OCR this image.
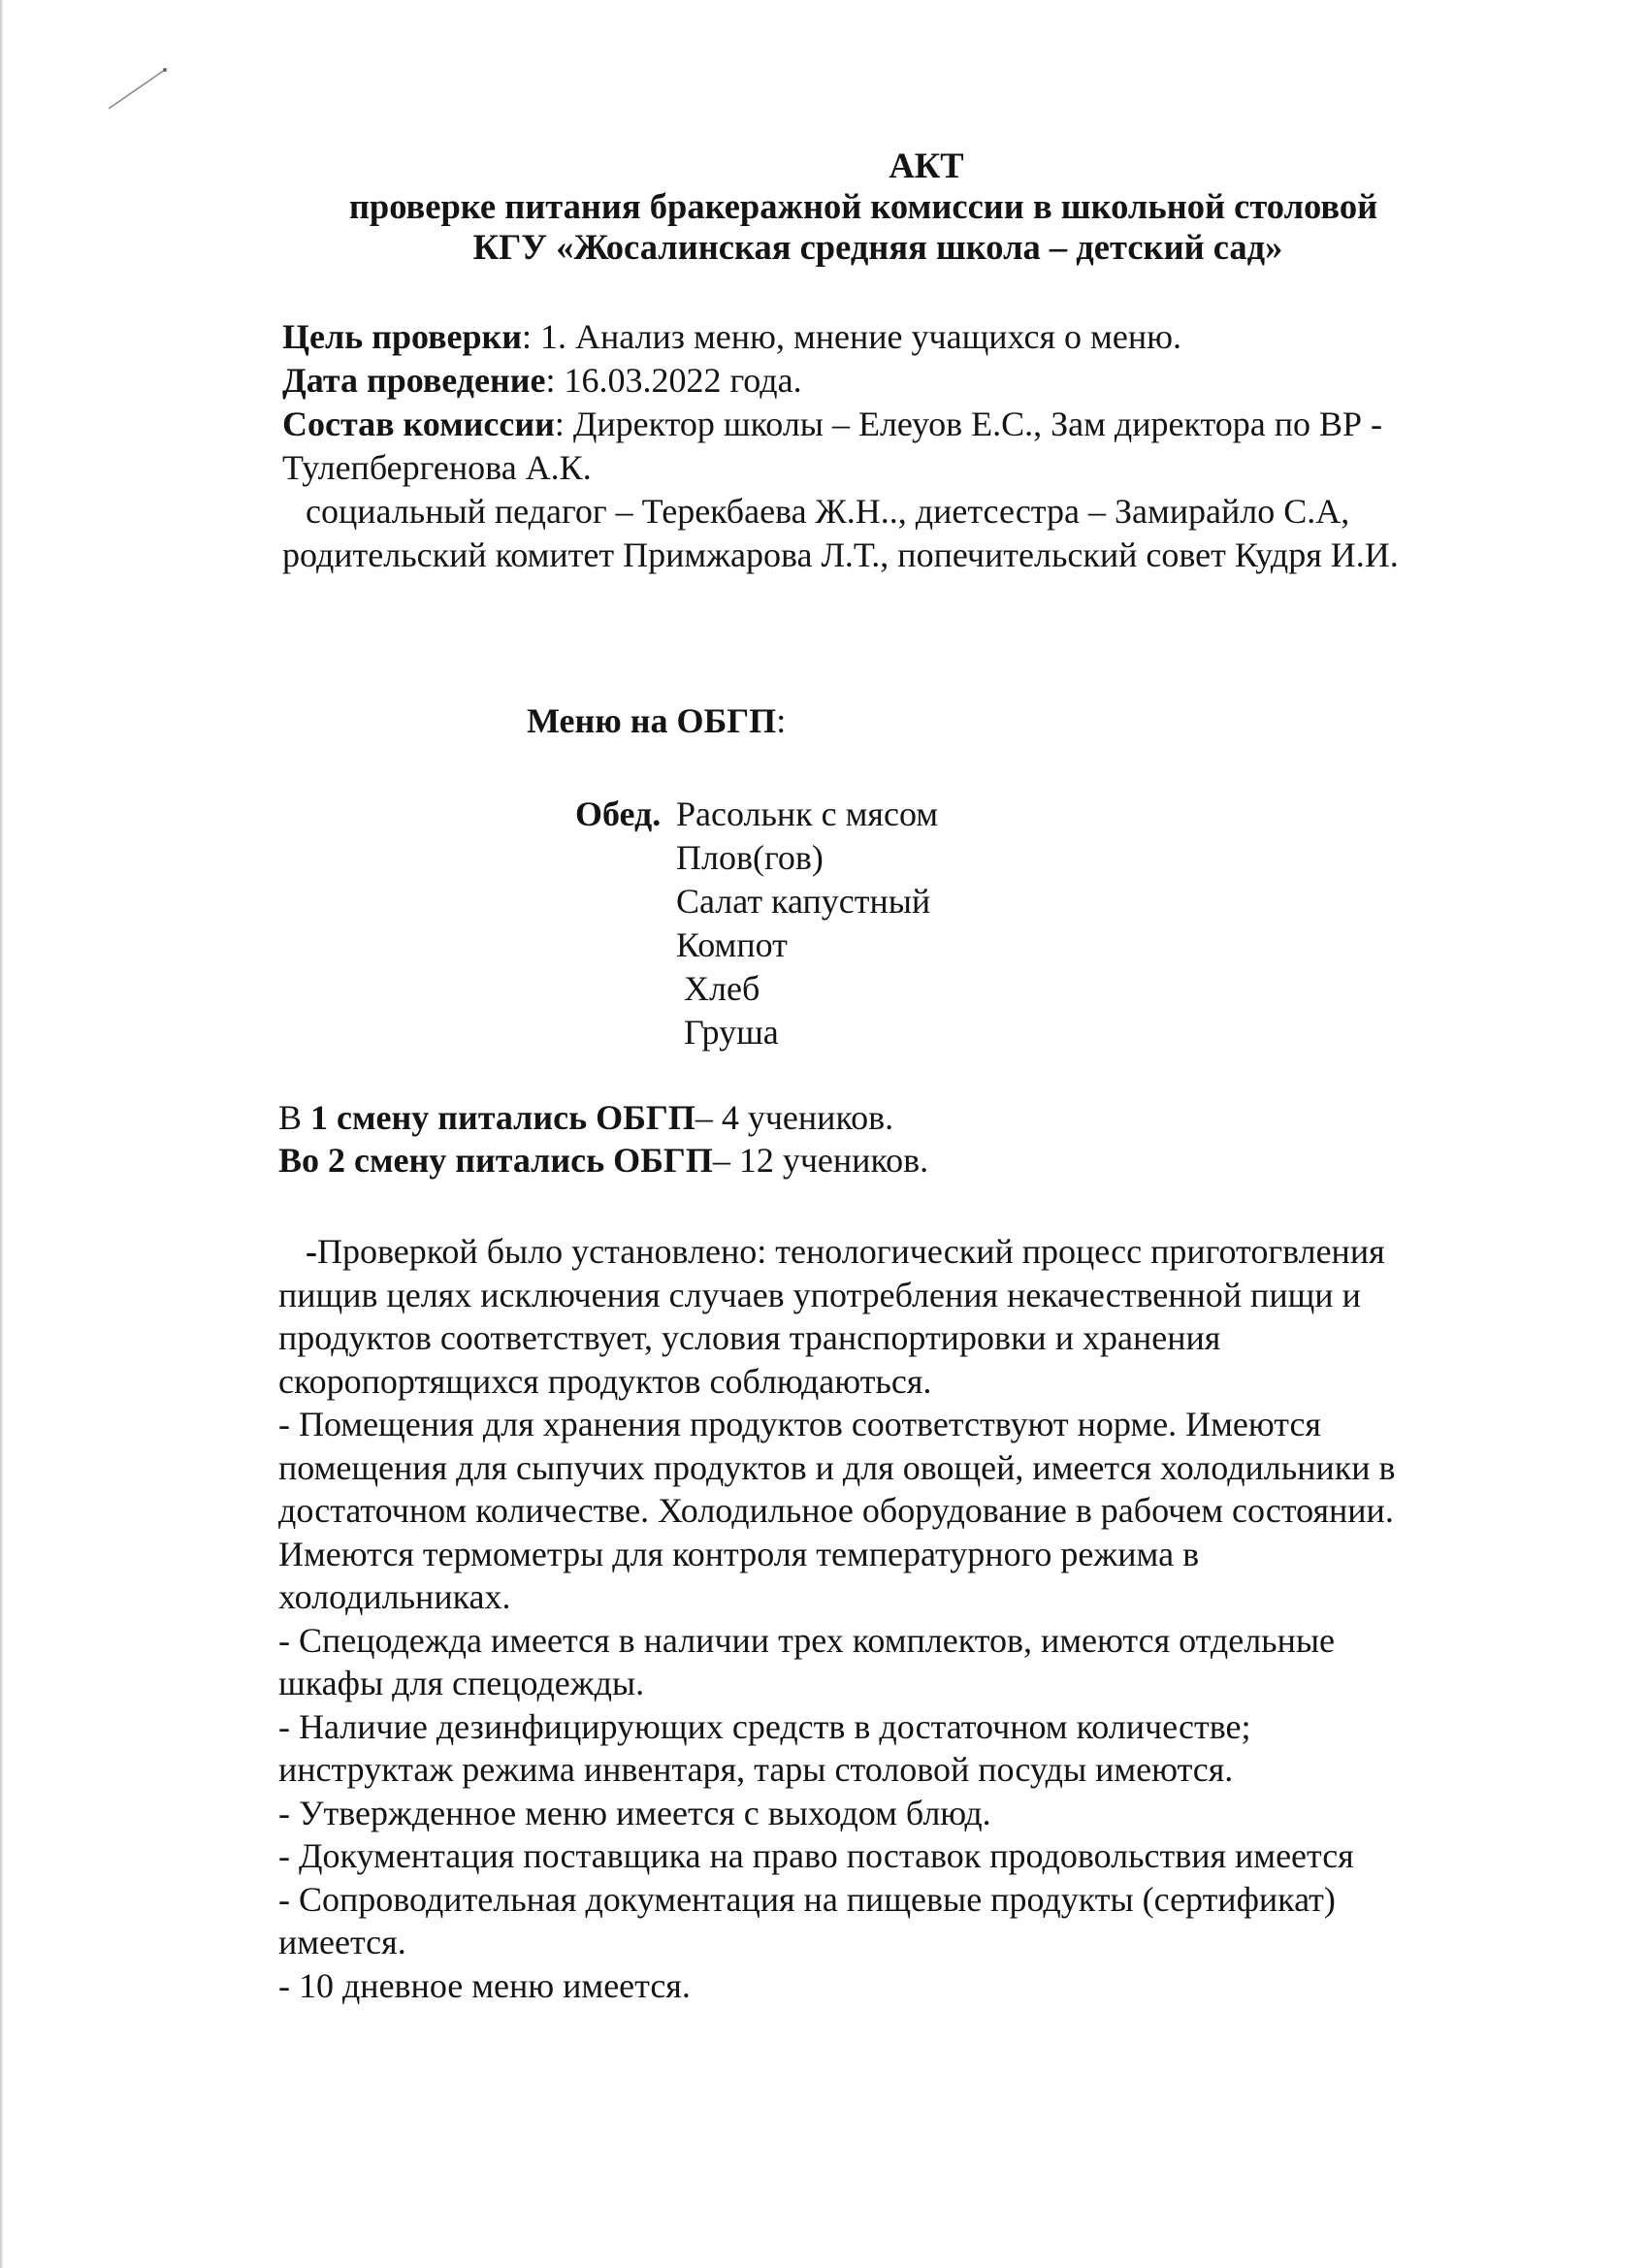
АКТ
проверке питания бракеражной комиссии в школьной столовой
КГУ «Жосалинская средняя школа – детский сад»
Цель проверки: 1. Анализ меню, мнение учащихся о меню.
Дата проведение: 16.03.2022 года.
Состав комиссии: Директор школы – Елеуов Е.С., Зам директора по ВР -
Тулепбергенова А.К.
социальный педагог – Терекбаева Ж.Н.., диетсестра – Замирайло С.А,
родительский комитет Примжарова Л.Т., попечительский совет Кудря И.И.
Меню на ОБГП:
Обед. Расольнк с мясом
Плов(гов)
Салат капустный
Компот
Хлеб
Груша
В 1 смену питались ОБГП– 4 учеников.
Во 2 смену питались ОБГП– 12 учеников.
-Проверкой было установлено: тенологический процесс приготогвления
пищив целях исключения случаев употребления некачественной пищи и
продуктов соответствует, условия транспортировки и хранения
скоропортящихся продуктов соблюдаються.
- Помещения для хранения продуктов соответствуют норме. Имеются
помещения для сыпучих продуктов и для овощей, имеется холодильники в
достаточном количестве. Холодильное оборудование в рабочем состоянии.
Имеются термометры для контроля температурного режима в
холодильниках.
- Спецодежда имеется в наличии трех комплектов, имеются отдельные
шкафы для спецодежды.
- Наличие дезинфицирующих средств в достаточном количестве;
инструктаж режима инвентаря, тары столовой посуды имеются.
- Утвержденное меню имеется с выходом блюд.
- Документация поставщика на право поставок продовольствия имеется
- Сопроводительная документация на пищевые продукты (сертификат)
имеется.
- 10 дневное меню имеется.
